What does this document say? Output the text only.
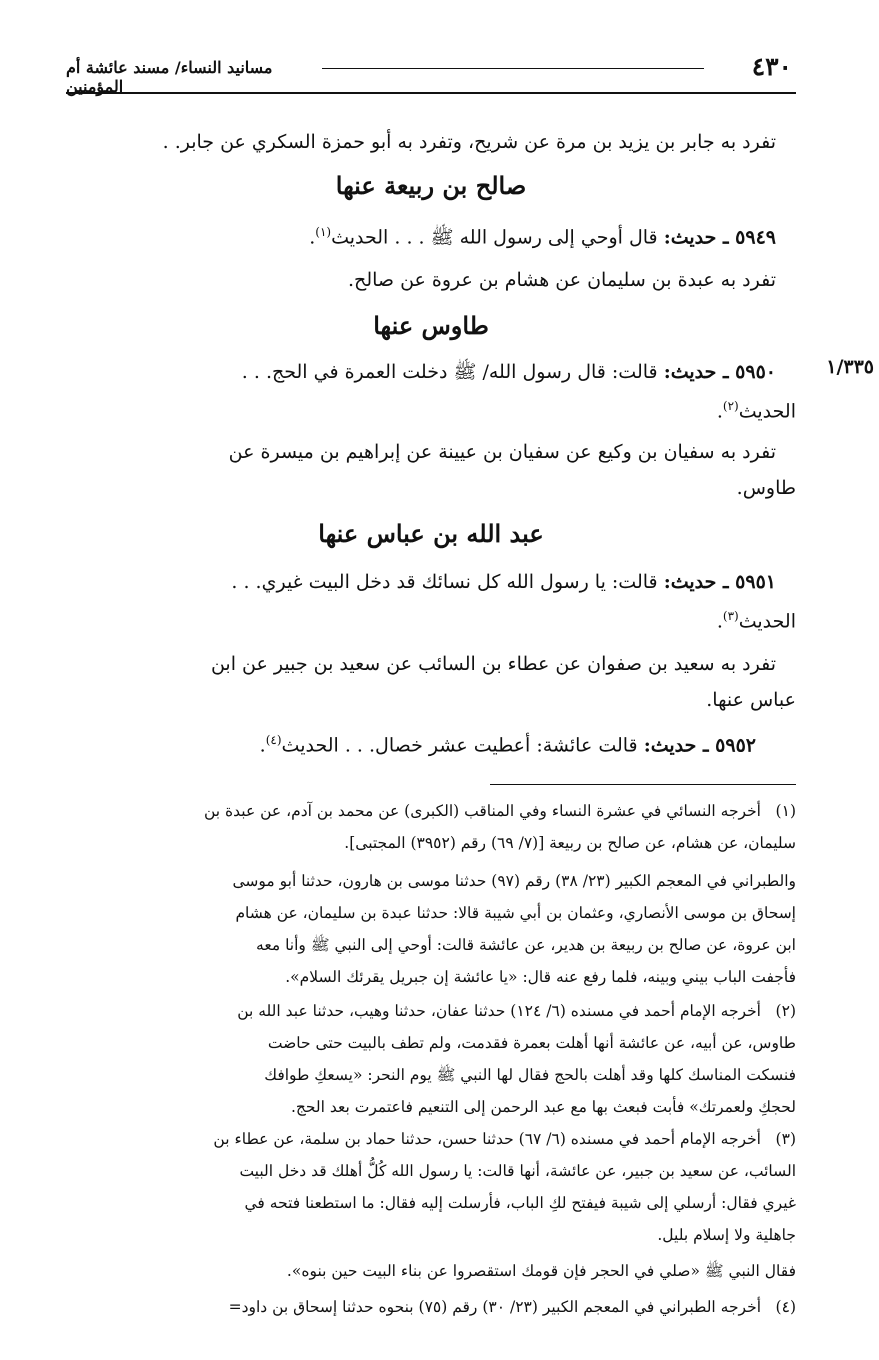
٤٣٠
مسانيد النساء/ مسند عائشة أم المؤمنين
١/٣٣٥
تفرد به جابر بن يزيد بن مرة عن شريح، وتفرد به أبو حمزة السكري عن جابر. .
صالح بن ربيعة عنها
٥٩٤٩ ـ حديث: قال أوحي إلى رسول الله ﷺ . . . الحديث$^{(١)}$.
تفرد به عبدة بن سليمان عن هشام بن عروة عن صالح.
طاوس عنها
٥٩٥٠ ـ حديث: قالت: قال رسول الله/ ﷺ دخلت العمرة في الحج. . .
الحديث$^{(٢)}$.
تفرد به سفيان بن وكيع عن سفيان بن عيينة عن إبراهيم بن ميسرة عن
طاوس.
عبد الله بن عباس عنها
٥٩٥١ ـ حديث: قالت: يا رسول الله كل نسائك قد دخل البيت غيري. . .
الحديث$^{(٣)}$.
تفرد به سعيد بن صفوان عن عطاء بن السائب عن سعيد بن جبير عن ابن
عباس عنها.
٥٩٥٢ ـ حديث: قالت عائشة: أعطيت عشر خصال. . . الحديث$^{(٤)}$.
(١)
أخرجه النسائي في عشرة النساء وفي المناقب (الكبرى) عن محمد بن آدم، عن عبدة بن
سليمان، عن هشام، عن صالح بن ربيعة [(٧/ ٦٩) رقم (٣٩٥٢) المجتبى].
والطبراني في المعجم الكبير (٢٣/ ٣٨) رقم (٩٧) حدثنا موسى بن هارون، حدثنا أبو موسى
إسحاق بن موسى الأنصاري، وعثمان بن أبي شيبة قالا: حدثنا عبدة بن سليمان، عن هشام
ابن عروة، عن صالح بن ربيعة بن هدير، عن عائشة قالت: أوحي إلى النبي ﷺ وأنا معه
فأجفت الباب بيني وبينه، فلما رفع عنه قال: «يا عائشة إن جبريل يقرئك السلام».
(٢)
أخرجه الإمام أحمد في مسنده (٦/ ١٢٤) حدثنا عفان، حدثنا وهيب، حدثنا عبد الله بن
طاوس، عن أبيه، عن عائشة أنها أهلت بعمرة فقدمت، ولم تطف بالبيت حتى حاضت
فنسكت المناسك كلها وقد أهلت بالحج فقال لها النبي ﷺ يوم النحر: «يسعكِ طوافك
لحجكِ ولعمرتك» فأبت فبعث بها مع عبد الرحمن إلى التنعيم فاعتمرت بعد الحج.
(٣)
أخرجه الإمام أحمد في مسنده (٦/ ٦٧) حدثنا حسن، حدثنا حماد بن سلمة، عن عطاء بن
السائب، عن سعيد بن جبير، عن عائشة، أنها قالت: يا رسول الله كُلُّ أهلك قد دخل البيت
غيري فقال: أرسلي إلى شيبة فيفتح لكِ الباب، فأرسلت إليه فقال: ما استطعنا فتحه في
جاهلية ولا إسلام بليل.
فقال النبي ﷺ «صلي في الحجر فإن قومك استقصروا عن بناء البيت حين بنوه».
(٤)
أخرجه الطبراني في المعجم الكبير (٢٣/ ٣٠) رقم (٧٥) بنحوه حدثنا إسحاق بن داود=
